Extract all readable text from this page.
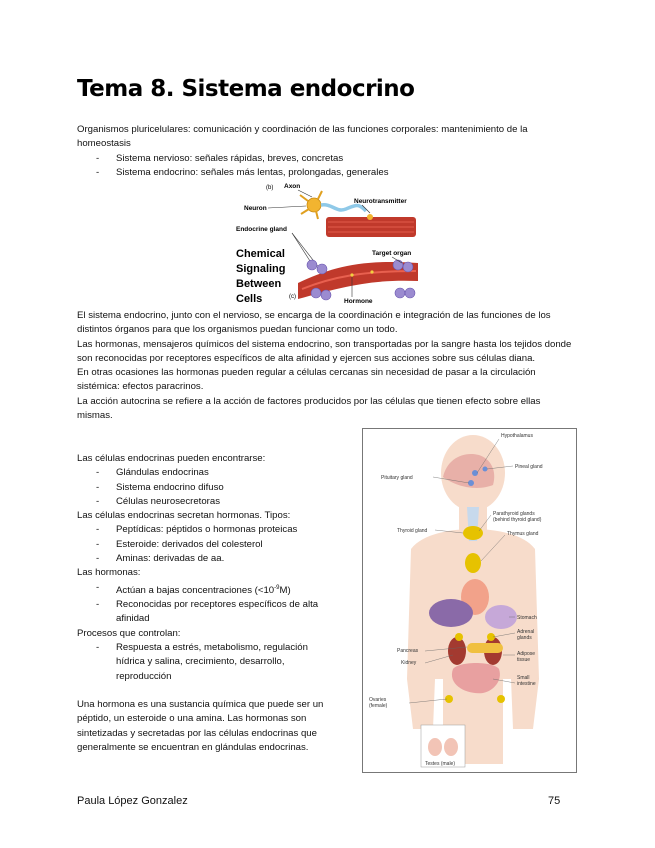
Tema 8. Sistema endocrino

Organismos pluricelulares: comunicación y coordinación de las funciones corporales: mantenimiento de la homeostasis

- Sistema nervioso: señales rápidas, breves, concretas
- Sistema endocrino: señales más lentas, prolongadas, generales
(b) Axon
Neuron
Neurotransmitter
Endocrine gland
Chemical
Signaling
Between
Cells
Target organ
(c)
Hormone

El sistema endocrino, junto con el nervioso, se encarga de la coordinación e integración de las funciones de los distintos órganos para que los organismos puedan funcionar como un todo.

Las hormonas, mensajeros químicos del sistema endocrino, son transportadas por la sangre hasta los tejidos donde son reconocidas por receptores específicos de alta afinidad y ejercen sus acciones sobre sus células diana.

En otras ocasiones las hormonas pueden regular a células cercanas sin necesidad de pasar a la circulación sistémica: efectos paracrinos.

La acción autocrina se refiere a la acción de factores producidos por las células que tienen efecto sobre ellas mismas.

Las células endocrinas pueden encontrarse:

- Glándulas endocrinas
- Sistema endocrino difuso
- Células neurosecretoras

Las células endocrinas secretan hormonas. Tipos:

- Peptídicas: péptidos o hormonas proteicas
- Esteroide: derivados del colesterol
- Aminas: derivadas de aa.

Las hormonas:

- Actúan a bajas concentraciones $(<10^{-9}M)$
- Reconocidas por receptores específicos de alta afinidad

Procesos que controlan:

- Respuesta a estrés, metabolismo, regulación hídrica y salina, crecimiento, desarrollo, reproducción

Una hormona es una sustancia química que puede ser un péptido, un esteroide o una amina. Las hormonas son sintetizadas y secretadas por las células endocrinas que generalmente se encuentran en glándulas endocrinas.

Hypothalamus
Pineal gland
Pituitary gland
Parathyroid glands
(behind thyroid gland)
Thyroid gland	Thymus gland
Stomach
Adrenal
glands
Pancreas
Kidney
Adipose
tissue
Small
intestine
Ovaries
(female)
Testes (male)
Paula López Gonzalez	75
